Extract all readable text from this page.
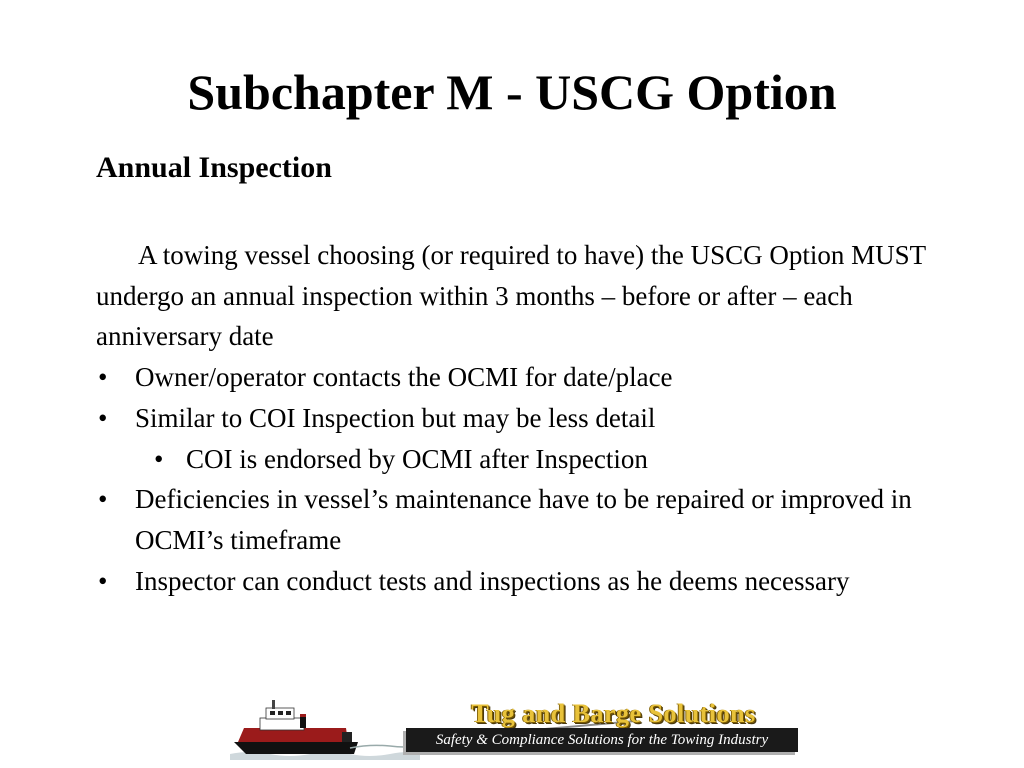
Subchapter M - USCG Option
Annual Inspection

A towing vessel choosing (or required to have) the USCG Option MUST undergo an annual inspection within 3 months – before or after – each anniversary date

• Owner/operator contacts the OCMI for date/place
• Similar to COI Inspection but may be less detail
• COI is endorsed by OCMI after Inspection
• Deficiencies in vessel’s maintenance have to be repaired or improved in OCMI’s timeframe
• Inspector can conduct tests and inspections as he deems necessary
Tug and Barge Solutions
Safety & Compliance Solutions for the Towing Industry
